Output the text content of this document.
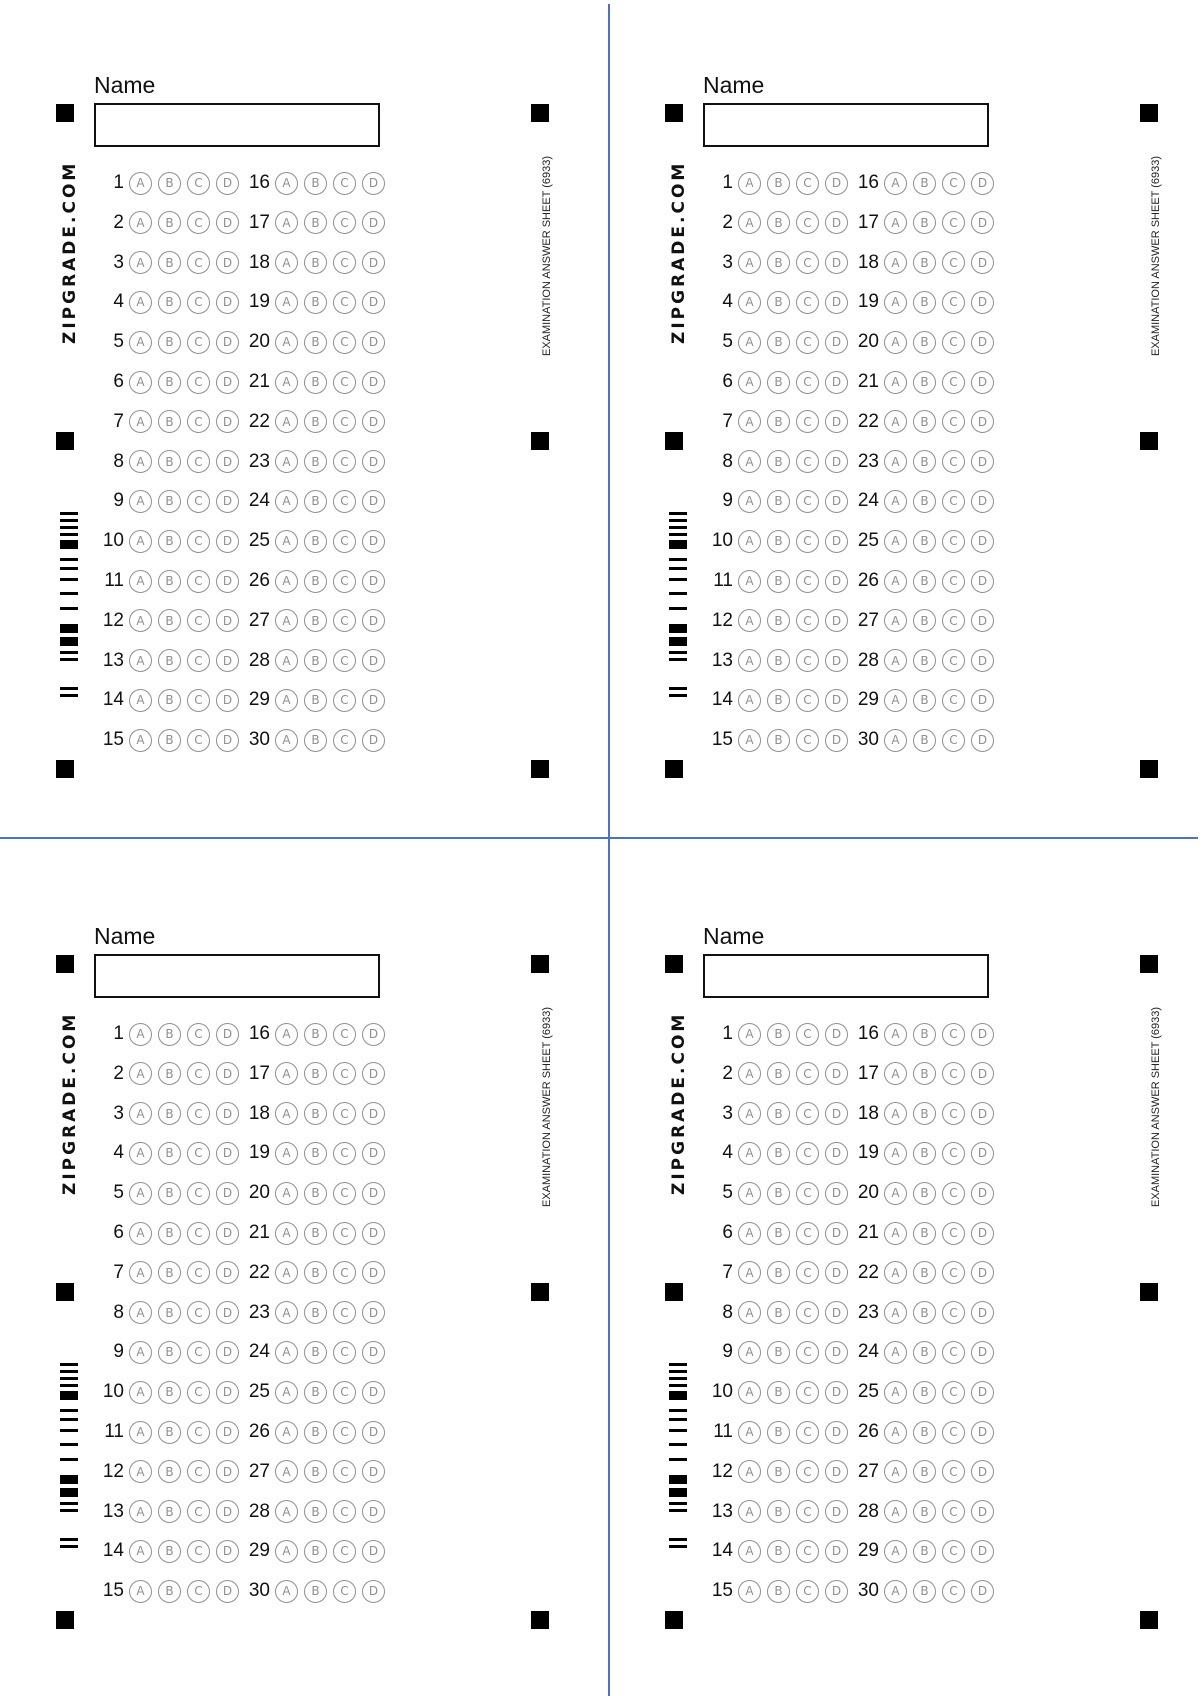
Name
ZIPGRADE.COM	EXAMINATION ANSWER SHEET (6933)
1	A	B	C	D
2	A	B	C	D
3	A	B	C	D
4	A	B	C	D
5	A	B	C	D
6	A	B	C	D
7	A	B	C	D
8	A	B	C	D
9	A	B	C	D
10	A	B	C	D
11	A	B	C	D
12	A	B	C	D
13	A	B	C	D
14	A	B	C	D
15	A	B	C	D
16	A	B	C	D
17	A	B	C	D
18	A	B	C	D
19	A	B	C	D
20	A	B	C	D
21	A	B	C	D
22	A	B	C	D
23	A	B	C	D
24	A	B	C	D
25	A	B	C	D
26	A	B	C	D
27	A	B	C	D
28	A	B	C	D
29	A	B	C	D
30	A	B	C	D
Name
ZIPGRADE.COM	EXAMINATION ANSWER SHEET (6933)
1	A	B	C	D
2	A	B	C	D
3	A	B	C	D
4	A	B	C	D
5	A	B	C	D
6	A	B	C	D
7	A	B	C	D
8	A	B	C	D
9	A	B	C	D
10	A	B	C	D
11	A	B	C	D
12	A	B	C	D
13	A	B	C	D
14	A	B	C	D
15	A	B	C	D
16	A	B	C	D
17	A	B	C	D
18	A	B	C	D
19	A	B	C	D
20	A	B	C	D
21	A	B	C	D
22	A	B	C	D
23	A	B	C	D
24	A	B	C	D
25	A	B	C	D
26	A	B	C	D
27	A	B	C	D
28	A	B	C	D
29	A	B	C	D
30	A	B	C	D
Name
ZIPGRADE.COM	EXAMINATION ANSWER SHEET (6933)
1	A	B	C	D
2	A	B	C	D
3	A	B	C	D
4	A	B	C	D
5	A	B	C	D
6	A	B	C	D
7	A	B	C	D
8	A	B	C	D
9	A	B	C	D
10	A	B	C	D
11	A	B	C	D
12	A	B	C	D
13	A	B	C	D
14	A	B	C	D
15	A	B	C	D
16	A	B	C	D
17	A	B	C	D
18	A	B	C	D
19	A	B	C	D
20	A	B	C	D
21	A	B	C	D
22	A	B	C	D
23	A	B	C	D
24	A	B	C	D
25	A	B	C	D
26	A	B	C	D
27	A	B	C	D
28	A	B	C	D
29	A	B	C	D
30	A	B	C	D
Name
ZIPGRADE.COM	EXAMINATION ANSWER SHEET (6933)
1	A	B	C	D
2	A	B	C	D
3	A	B	C	D
4	A	B	C	D
5	A	B	C	D
6	A	B	C	D
7	A	B	C	D
8	A	B	C	D
9	A	B	C	D
10	A	B	C	D
11	A	B	C	D
12	A	B	C	D
13	A	B	C	D
14	A	B	C	D
15	A	B	C	D
16	A	B	C	D
17	A	B	C	D
18	A	B	C	D
19	A	B	C	D
20	A	B	C	D
21	A	B	C	D
22	A	B	C	D
23	A	B	C	D
24	A	B	C	D
25	A	B	C	D
26	A	B	C	D
27	A	B	C	D
28	A	B	C	D
29	A	B	C	D
30	A	B	C	D
